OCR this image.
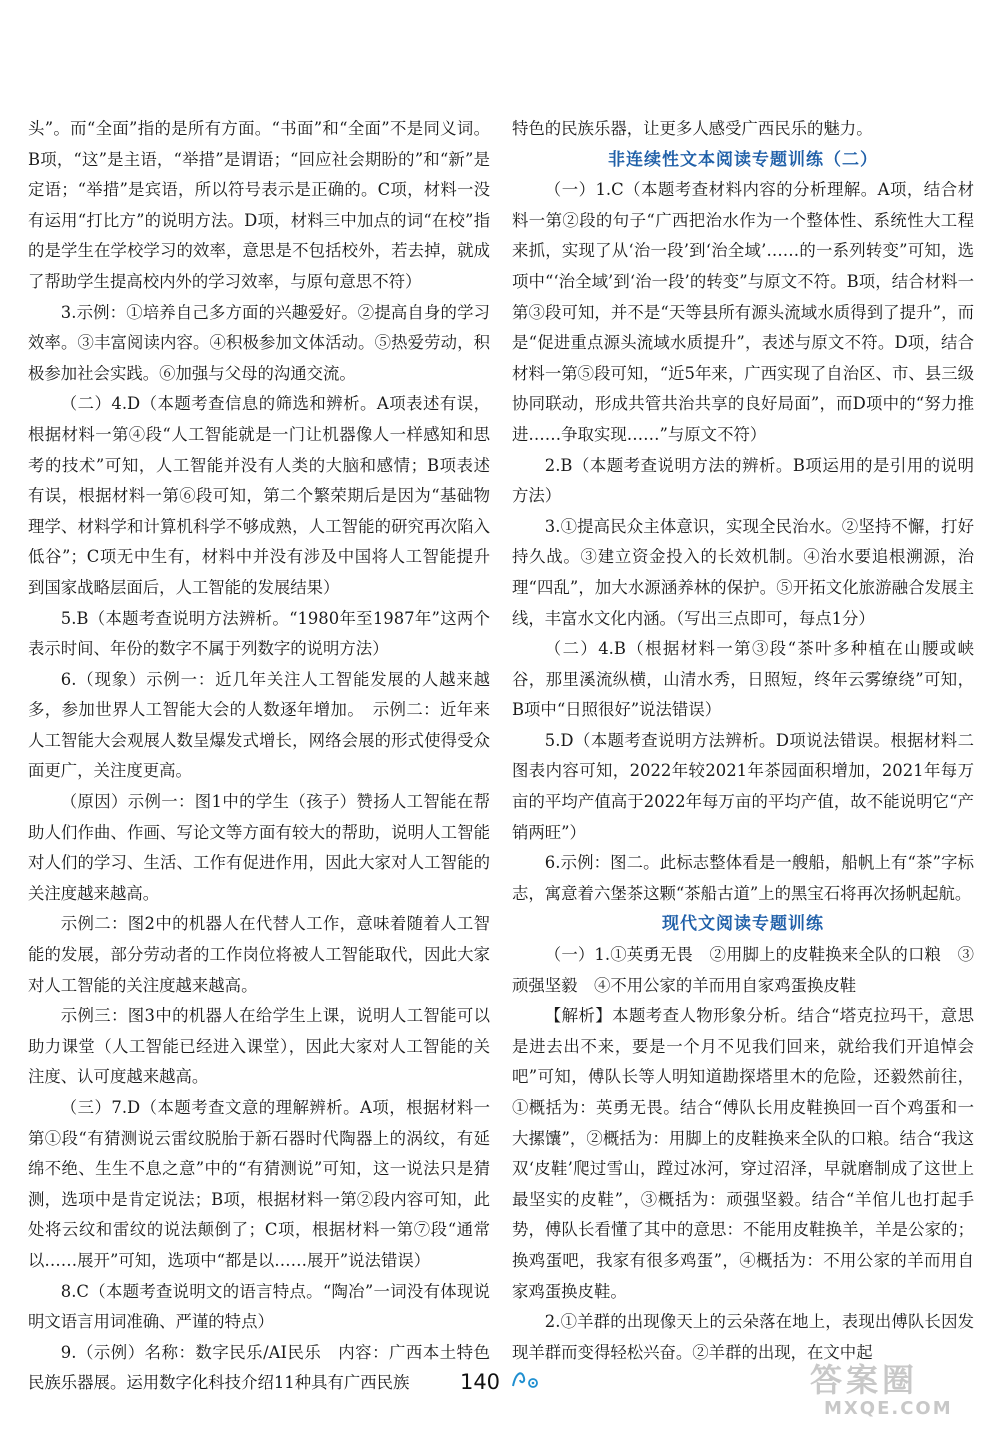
头”。而“全面”指的是所有方面。“书面”和“全面”不是同义词。B项，“这”是主语，“举措”是谓语；“回应社会期盼的”和“新”是定语；“举措”是宾语，所以符号表示是正确的。C项，材料一没有运用“打比方”的说明方法。D项，材料三中加点的词“在校”指的是学生在学校学习的效率，意思是不包括校外，若去掉，就成了帮助学生提高校内外的学习效率，与原句意思不符）

3.示例：①培养自己多方面的兴趣爱好。②提高自身的学习效率。③丰富阅读内容。④积极参加文体活动。⑤热爱劳动，积极参加社会实践。⑥加强与父母的沟通交流。

（二）4.D（本题考查信息的筛选和辨析。A项表述有误，根据材料一第④段“人工智能就是一门让机器像人一样感知和思考的技术”可知，人工智能并没有人类的大脑和感情；B项表述有误，根据材料一第⑥段可知，第二个繁荣期后是因为“基础物理学、材料学和计算机科学不够成熟，人工智能的研究再次陷入低谷”；C项无中生有，材料中并没有涉及中国将人工智能提升到国家战略层面后，人工智能的发展结果）

5.B（本题考查说明方法辨析。“1980年至1987年”这两个表示时间、年份的数字不属于列数字的说明方法）

6.（现象）示例一：近几年关注人工智能发展的人越来越多，参加世界人工智能大会的人数逐年增加。　示例二：近年来人工智能大会观展人数呈爆发式增长，网络会展的形式使得受众面更广，关注度更高。

（原因）示例一：图1中的学生（孩子）赞扬人工智能在帮助人们作曲、作画、写论文等方面有较大的帮助，说明人工智能对人们的学习、生活、工作有促进作用，因此大家对人工智能的关注度越来越高。

示例二：图2中的机器人在代替人工作，意味着随着人工智能的发展，部分劳动者的工作岗位将被人工智能取代，因此大家对人工智能的关注度越来越高。

示例三：图3中的机器人在给学生上课，说明人工智能可以助力课堂（人工智能已经进入课堂），因此大家对人工智能的关注度、认可度越来越高。

（三）7.D（本题考查文意的理解辨析。A项，根据材料一第①段“有猜测说云雷纹脱胎于新石器时代陶器上的涡纹，有延绵不绝、生生不息之意”中的“有猜测说”可知，这一说法只是猜测，选项中是肯定说法；B项，根据材料一第②段内容可知，此处将云纹和雷纹的说法颠倒了；C项，根据材料一第⑦段“通常以……展开”可知，选项中“都是以……展开”说法错误）

8.C（本题考查说明文的语言特点。“陶冶”一词没有体现说明文语言用词准确、严谨的特点）

9.（示例）名称：数字民乐/AI民乐　内容：广西本土特色民族乐器展。运用数字化科技介绍11种具有广西民族

特色的民族乐器，让更多人感受广西民乐的魅力。

非连续性文本阅读专题训练（二）

（一）1.C（本题考查材料内容的分析理解。A项，结合材料一第②段的句子“广西把治水作为一个整体性、系统性大工程来抓，实现了从‘治一段’到‘治全域’……的一系列转变”可知，选项中“‘治全域’到‘治一段’的转变”与原文不符。B项，结合材料一第③段可知，并不是“天等县所有源头流域水质得到了提升”，而是“促进重点源头流域水质提升”，表述与原文不符。D项，结合材料一第⑤段可知，“近5年来，广西实现了自治区、市、县三级协同联动，形成共管共治共享的良好局面”，而D项中的“努力推进……争取实现……”与原文不符）

2.B（本题考查说明方法的辨析。B项运用的是引用的说明方法）

3.①提高民众主体意识，实现全民治水。②坚持不懈，打好持久战。③建立资金投入的长效机制。④治水要追根溯源，治理“四乱”，加大水源涵养林的保护。⑤开拓文化旅游融合发展主线，丰富水文化内涵。（写出三点即可，每点1分）

（二）4.B（根据材料一第③段“茶叶多种植在山腰或峡谷，那里溪流纵横，山清水秀，日照短，终年云雾缭绕”可知，B项中“日照很好”说法错误）

5.D（本题考查说明方法辨析。D项说法错误。根据材料二图表内容可知，2022年较2021年茶园面积增加，2021年每万亩的平均产值高于2022年每万亩的平均产值，故不能说明它“产销两旺”）

6.示例：图二。此标志整体看是一艘船，船帆上有“茶”字标志，寓意着六堡茶这颗“茶船古道”上的黑宝石将再次扬帆起航。

现代文阅读专题训练

（一）1.①英勇无畏　②用脚上的皮鞋换来全队的口粮　③顽强坚毅　④不用公家的羊而用自家鸡蛋换皮鞋

【解析】本题考查人物形象分析。结合“塔克拉玛干，意思是进去出不来，要是一个月不见我们回来，就给我们开追悼会吧”可知，傅队长等人明知道勘探塔里木的危险，还毅然前往，①概括为：英勇无畏。结合“傅队长用皮鞋换回一百个鸡蛋和一大摞馕”，②概括为：用脚上的皮鞋换来全队的口粮。结合“我这双‘皮鞋’爬过雪山，蹚过冰河，穿过沼泽，早就磨制成了这世上最坚实的皮鞋”，③概括为：顽强坚毅。结合“羊倌儿也打起手势，傅队长看懂了其中的意思：不能用皮鞋换羊，羊是公家的；换鸡蛋吧，我家有很多鸡蛋”，④概括为：不用公家的羊而用自家鸡蛋换皮鞋。

2.①羊群的出现像天上的云朵落在地上，表现出傅队长因发现羊群而变得轻松兴奋。②羊群的出现，在文中起

140	答案圈
MXQE.COM
